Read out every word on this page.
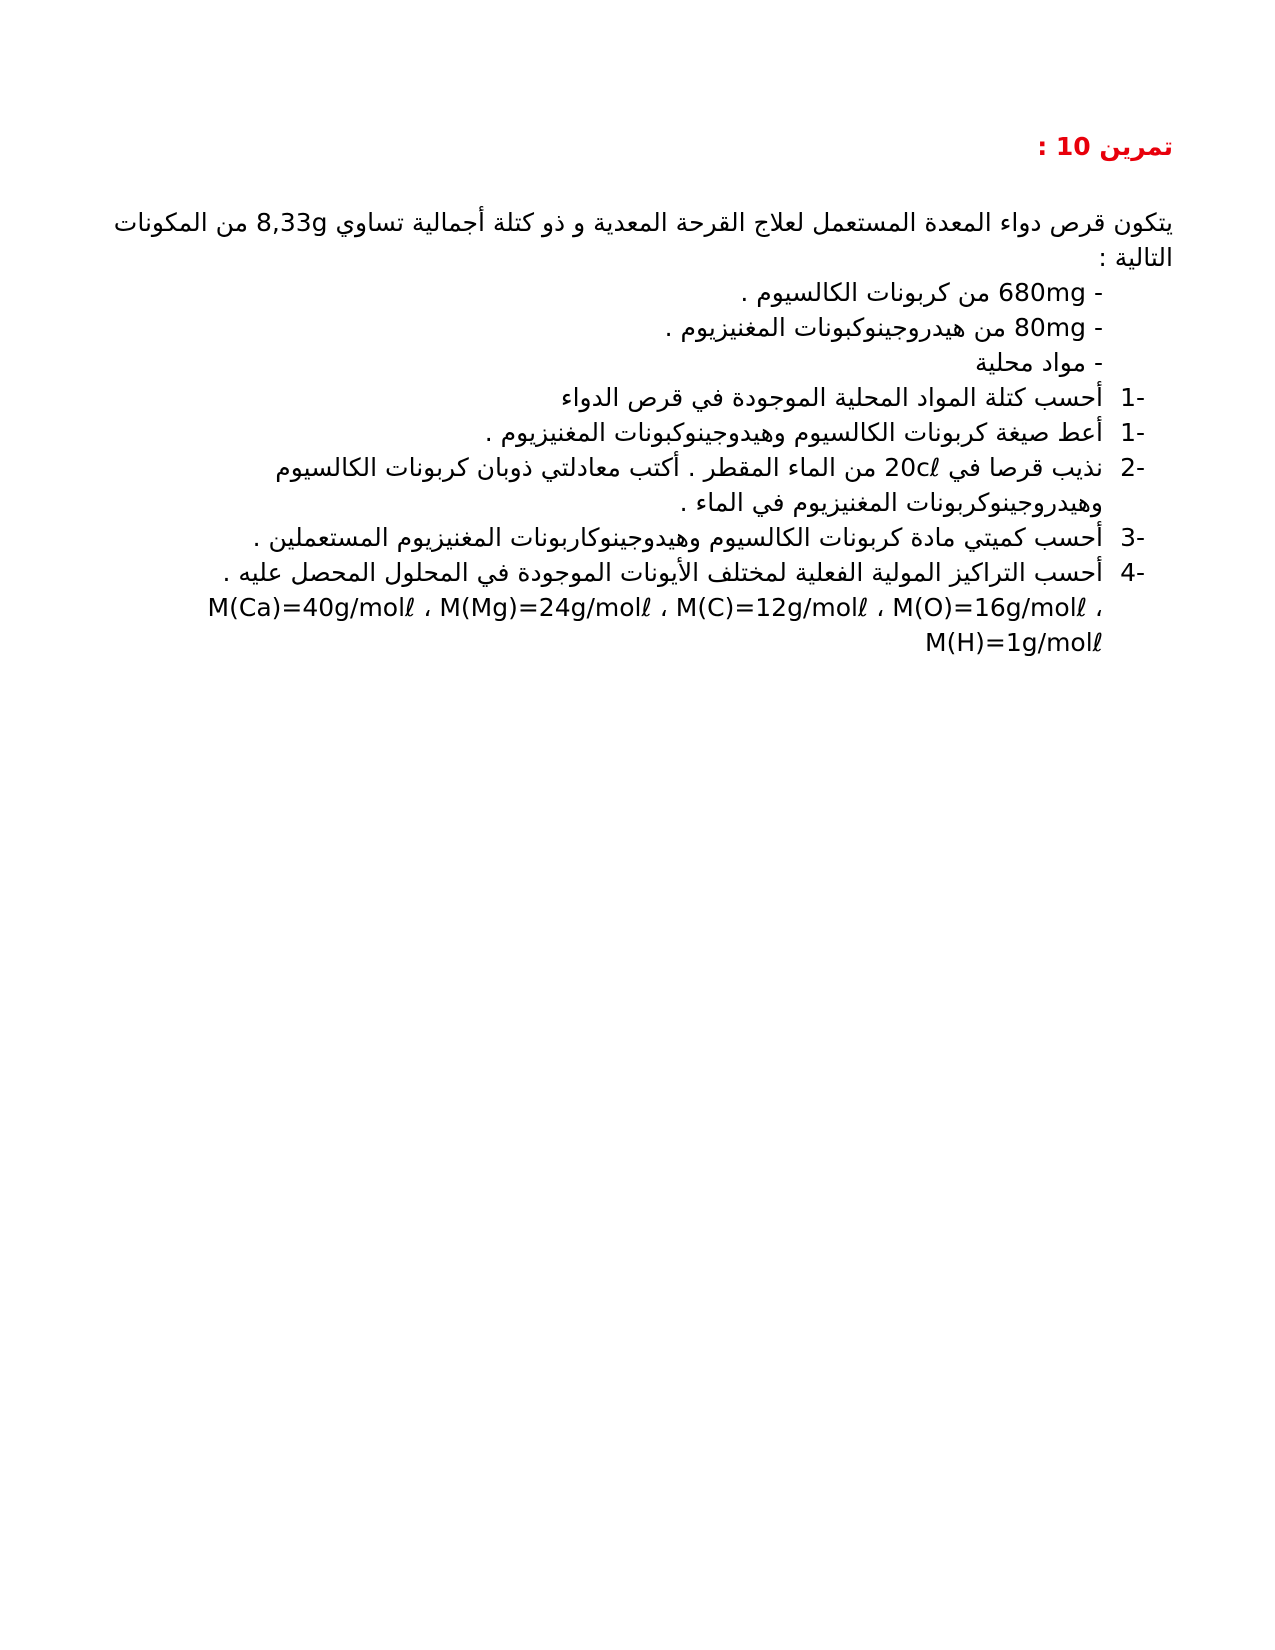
تمرين 10 :
يتكون قرص دواء المعدة المستعمل لعلاج القرحة المعدية و ذو كتلة أجمالية تساوي 8,33g من المكونات التالية :
- 680mg من كربونات الكالسيوم .
- 80mg من هيدروجينوكبونات المغنيزيوم .
- مواد محلية
1-
أحسب كتلة المواد المحلية الموجودة في قرص الدواء
1-
أعط صيغة كربونات الكالسيوم وهيدوجينوكبونات المغنيزيوم .
2-
نذيب قرصا في 20cℓ من الماء المقطر . أكتب معادلتي ذوبان كربونات الكالسيوم وهيدروجينوكربونات المغنيزيوم في الماء .
3-
أحسب كميتي مادة كربونات الكالسيوم وهيدوجينوكاربونات المغنيزيوم المستعملين .
4-
أحسب التراكيز المولية الفعلية لمختلف الأيونات الموجودة في المحلول المحصل عليه .
M(Ca)=40g/molℓ ، M(Mg)=24g/molℓ ، M(C)=12g/molℓ ، M(O)=16g/molℓ ، M(H)=1g/molℓ
